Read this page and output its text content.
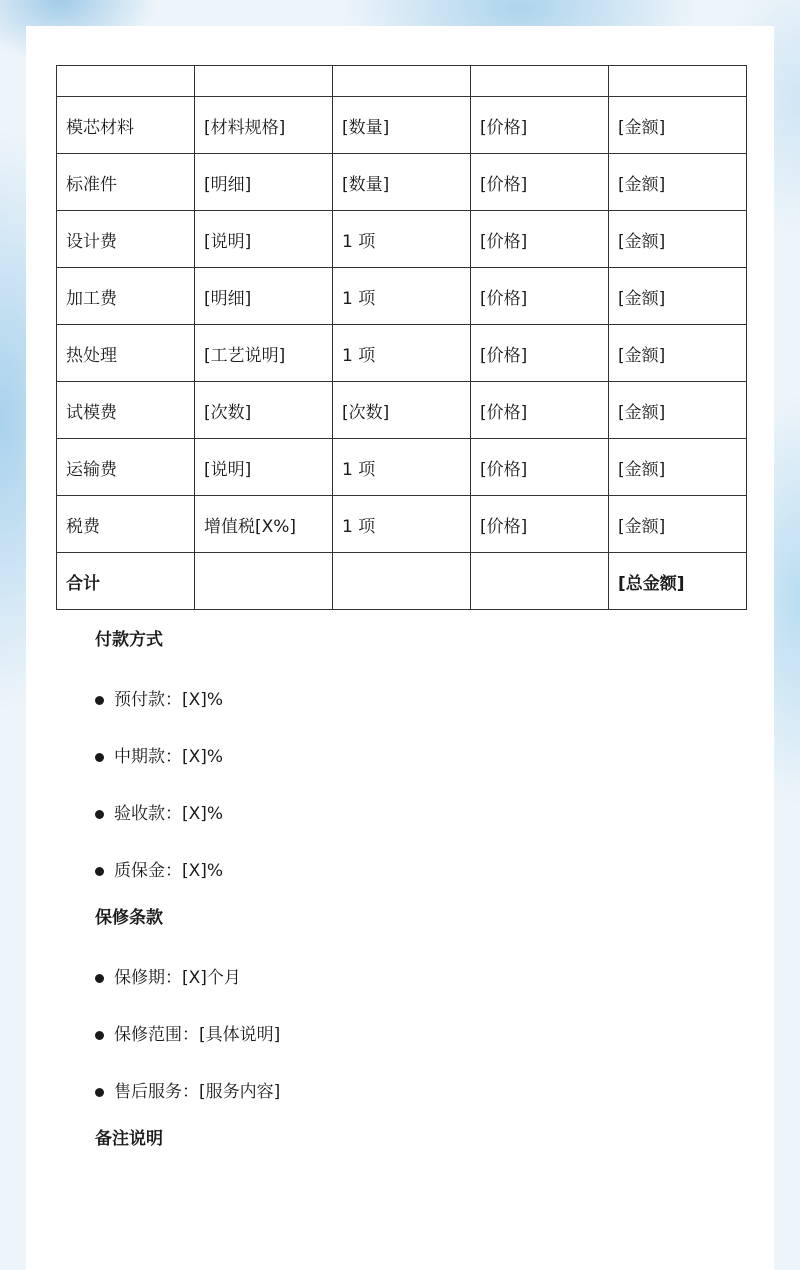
模芯材料	[材料规格]	[数量]	[价格]	[金额]
标准件	[明细]	[数量]	[价格]	[金额]
设计费	[说明]	1 项	[价格]	[金额]
加工费	[明细]	1 项	[价格]	[金额]
热处理	[工艺说明]	1 项	[价格]	[金额]
试模费	[次数]	[次数]	[价格]	[金额]
运输费	[说明]	1 项	[价格]	[金额]
税费	增值税[X%]	1 项	[价格]	[金额]
合计				[总金额]
付款方式
预付款：[X]%
中期款：[X]%
验收款：[X]%
质保金：[X]%
保修条款
保修期：[X]个月
保修范围：[具体说明]
售后服务：[服务内容]
备注说明
